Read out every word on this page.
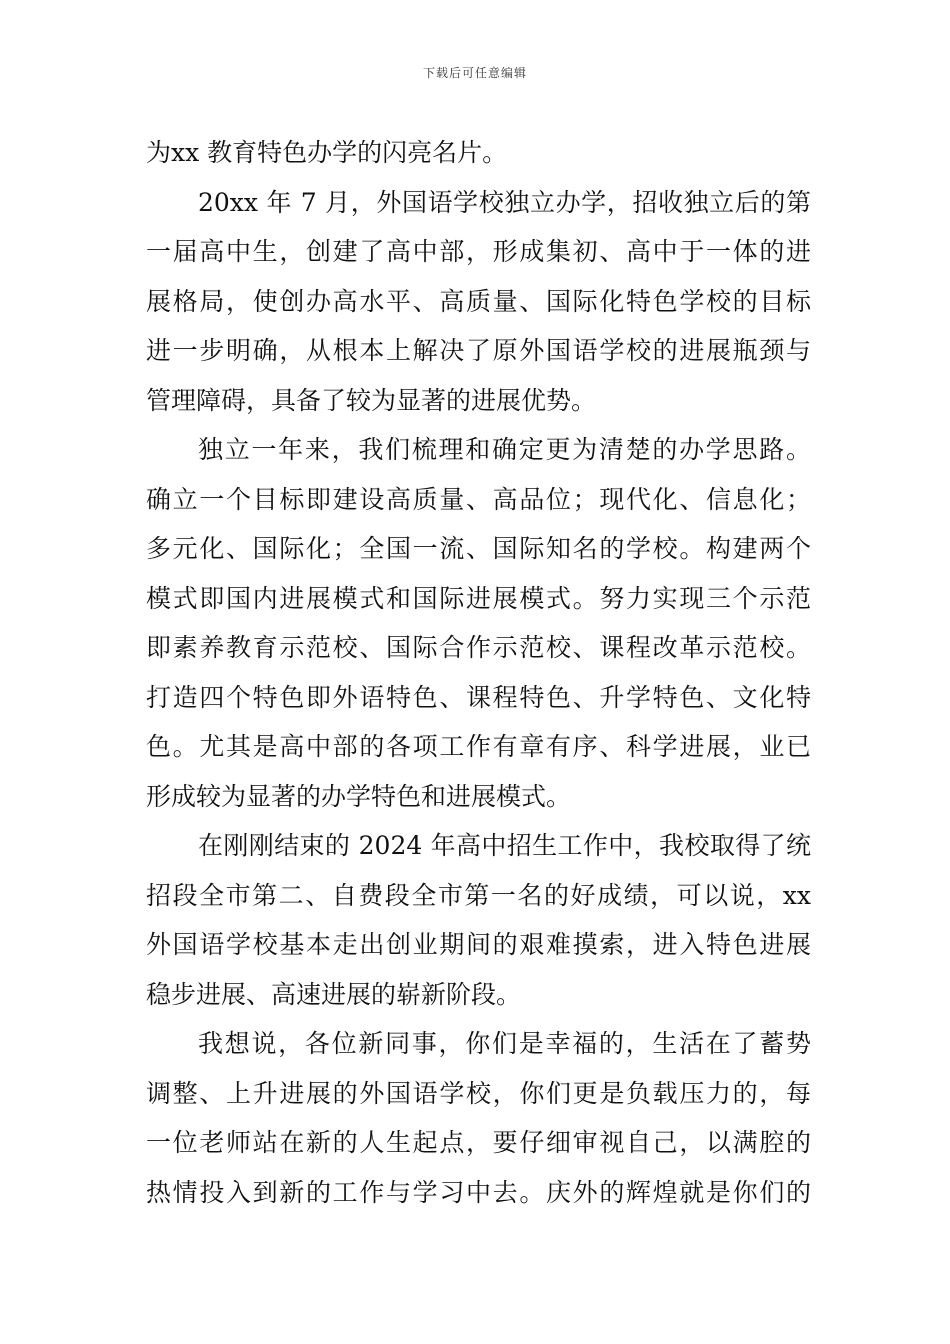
下载后可任意编辑
为xx 教育特色办学的闪亮名片。
20xx 年 7 月，外国语学校独立办学，招收独立后的第
一届高中生，创建了高中部，形成集初、高中于一体的进
展格局，使创办高水平、高质量、国际化特色学校的目标
进一步明确，从根本上解决了原外国语学校的进展瓶颈与
管理障碍，具备了较为显著的进展优势。
独立一年来，我们梳理和确定更为清楚的办学思路。
确立一个目标即建设高质量、高品位；现代化、信息化；
多元化、国际化；全国一流、国际知名的学校。构建两个
模式即国内进展模式和国际进展模式。努力实现三个示范
即素养教育示范校、国际合作示范校、课程改革示范校。
打造四个特色即外语特色、课程特色、升学特色、文化特
色。尤其是高中部的各项工作有章有序、科学进展，业已
形成较为显著的办学特色和进展模式。
在刚刚结束的 2024 年高中招生工作中，我校取得了统
招段全市第二、自费段全市第一名的好成绩，可以说，xx
外国语学校基本走出创业期间的艰难摸索，进入特色进展
稳步进展、高速进展的崭新阶段。
我想说，各位新同事，你们是幸福的，生活在了蓄势
调整、上升进展的外国语学校，你们更是负载压力的，每
一位老师站在新的人生起点，要仔细审视自己，以满腔的
热情投入到新的工作与学习中去。庆外的辉煌就是你们的
